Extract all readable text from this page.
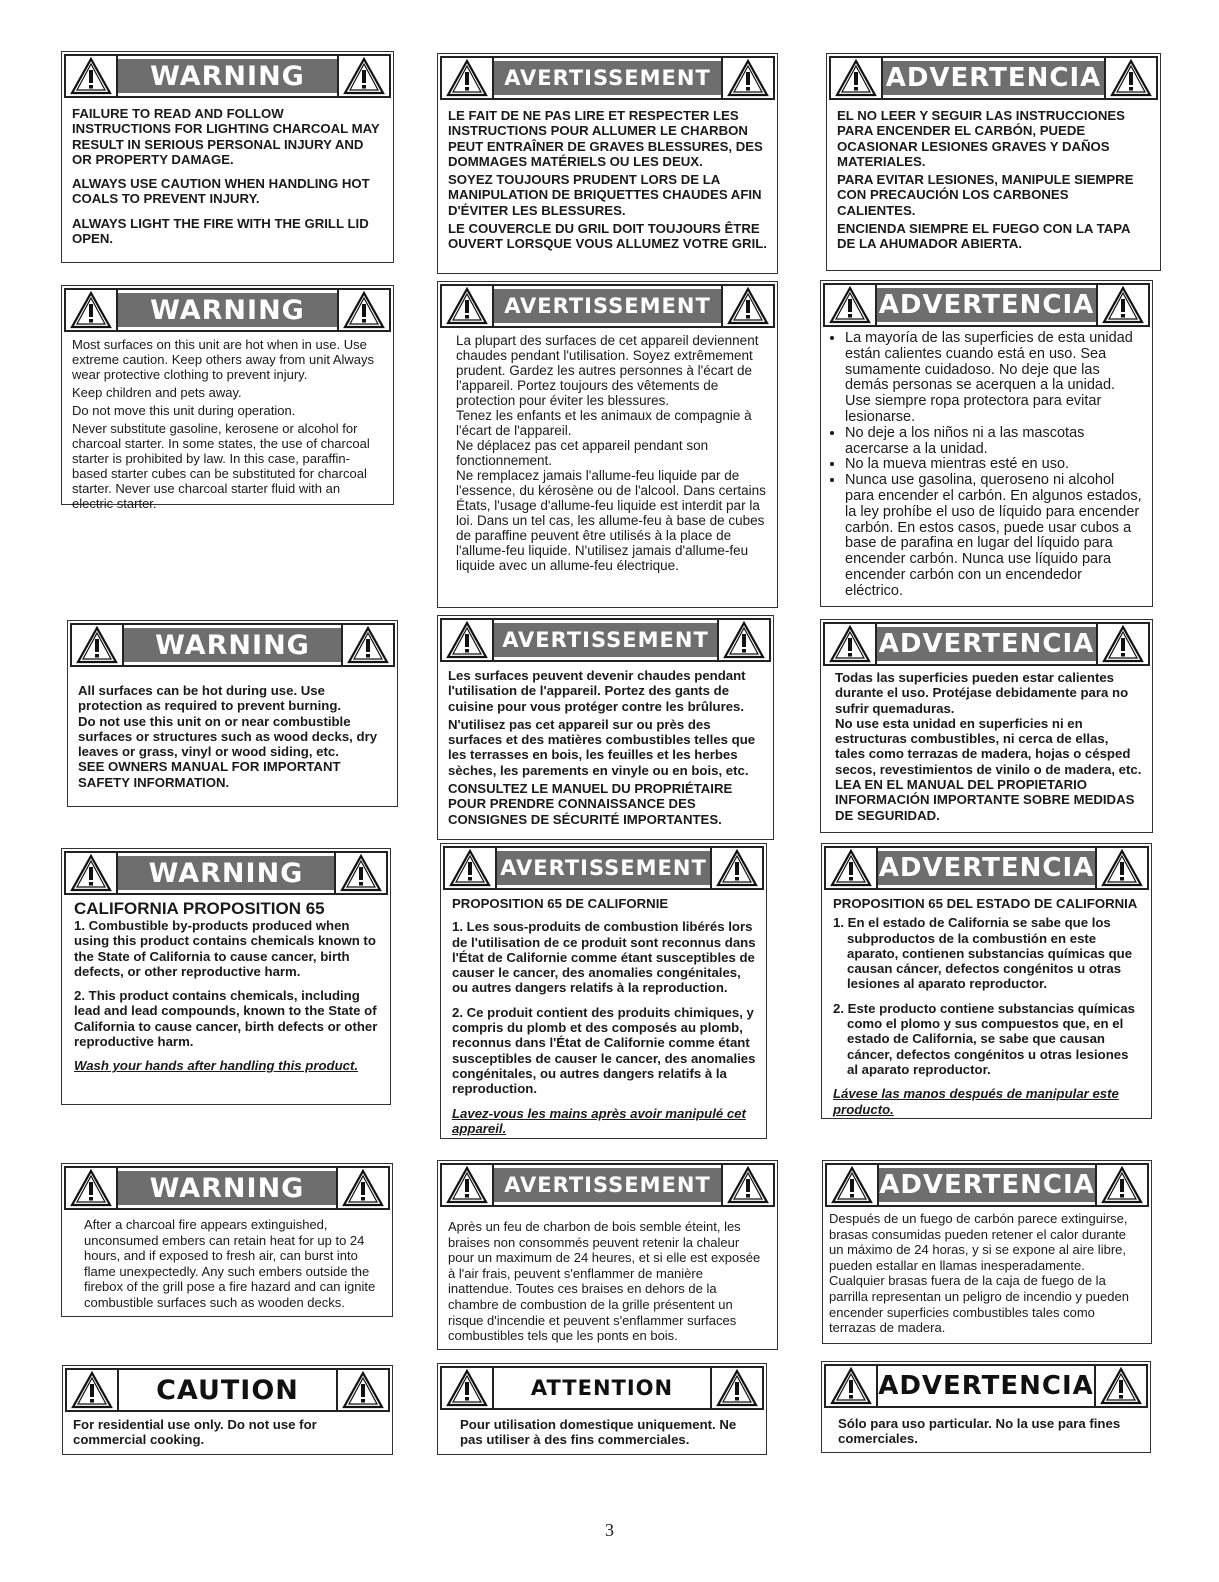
WARNING

FAILURE TO READ AND FOLLOW INSTRUCTIONS FOR LIGHTING CHARCOAL MAY RESULT IN SERIOUS PERSONAL INJURY AND OR PROPERTY DAMAGE.

ALWAYS USE CAUTION WHEN HANDLING HOT COALS TO PREVENT INJURY.

ALWAYS LIGHT THE FIRE WITH THE GRILL LID OPEN.

AVERTISSEMENT

LE FAIT DE NE PAS LIRE ET RESPECTER LES INSTRUCTIONS POUR ALLUMER LE CHARBON PEUT ENTRAÎNER DE GRAVES BLESSURES, DES DOMMAGES MATÉRIELS OU LES DEUX.

SOYEZ TOUJOURS PRUDENT LORS DE LA MANIPULATION DE BRIQUETTES CHAUDES AFIN D'ÉVITER LES BLESSURES.

LE COUVERCLE DU GRIL DOIT TOUJOURS ÊTRE OUVERT LORSQUE VOUS ALLUMEZ VOTRE GRIL.

ADVERTENCIA

EL NO LEER Y SEGUIR LAS INSTRUCCIONES PARA ENCENDER EL CARBÓN, PUEDE OCASIONAR LESIONES GRAVES Y DAÑOS MATERIALES.

PARA EVITAR LESIONES, MANIPULE SIEMPRE CON PRECAUCIÓN LOS CARBONES CALIENTES.

ENCIENDA SIEMPRE EL FUEGO CON LA TAPA DE LA AHUMADOR ABIERTA.

WARNING

Most surfaces on this unit are hot when in use. Use extreme caution. Keep others away from unit Always wear protective clothing to prevent injury.

Keep children and pets away.

Do not move this unit during operation.

Never substitute gasoline, kerosene or alcohol for charcoal starter. In some states, the use of charcoal starter is prohibited by law. In this case, paraffin-based starter cubes can be substituted for charcoal starter. Never use charcoal starter fluid with an electric starter.

AVERTISSEMENT

La plupart des surfaces de cet appareil deviennent chaudes pendant l'utilisation. Soyez extrêmement prudent. Gardez les autres personnes à l'écart de l'appareil. Portez toujours des vêtements de protection pour éviter les blessures.

Tenez les enfants et les animaux de compagnie à l'écart de l'appareil.

Ne déplacez pas cet appareil pendant son fonctionnement.

Ne remplacez jamais l'allume-feu liquide par de l'essence, du kérosène ou de l'alcool. Dans certains États, l'usage d'allume-feu liquide est interdit par la loi. Dans un tel cas, les allume-feu à base de cubes de paraffine peuvent être utilisés à la place de l'allume-feu liquide. N'utilisez jamais d'allume-feu liquide avec un allume-feu électrique.

ADVERTENCIA
• La mayoría de las superficies de esta unidad están calientes cuando está en uso. Sea sumamente cuidadoso. No deje que las demás personas se acerquen a la unidad. Use siempre ropa protectora para evitar lesionarse.
• No deje a los niños ni a las mascotas acercarse a la unidad.
• No la mueva mientras esté en uso.
• Nunca use gasolina, queroseno ni alcohol para encender el carbón. En algunos estados, la ley prohíbe el uso de líquido para encender carbón. En estos casos, puede usar cubos a base de parafina en lugar del líquido para encender carbón. Nunca use líquido para encender carbón con un encendedor eléctrico.
WARNING

All surfaces can be hot during use. Use protection as required to prevent burning.

Do not use this unit on or near combustible surfaces or structures such as wood decks, dry leaves or grass, vinyl or wood siding, etc.

SEE OWNERS MANUAL FOR IMPORTANT SAFETY INFORMATION.

AVERTISSEMENT

Les surfaces peuvent devenir chaudes pendant l'utilisation de l'appareil. Portez des gants de cuisine pour vous protéger contre les brûlures.

N'utilisez pas cet appareil sur ou près des surfaces et des matières combustibles telles que les terrasses en bois, les feuilles et les herbes sèches, les parements en vinyle ou en bois, etc.

CONSULTEZ LE MANUEL DU PROPRIÉTAIRE POUR PRENDRE CONNAISSANCE DES CONSIGNES DE SÉCURITÉ IMPORTANTES.

ADVERTENCIA

Todas las superficies pueden estar calientes durante el uso. Protéjase debidamente para no sufrir quemaduras.

No use esta unidad en superficies ni en estructuras combustibles, ni cerca de ellas, tales como terrazas de madera, hojas o césped secos, revestimientos de vinilo o de madera, etc.

LEA EN EL MANUAL DEL PROPIETARIO INFORMACIÓN IMPORTANTE SOBRE MEDIDAS DE SEGURIDAD.

WARNING
CALIFORNIA PROPOSITION 65

1. Combustible by-products produced when using this product contains chemicals known to the State of California to cause cancer, birth defects, or other reproductive harm.

2. This product contains chemicals, including lead and lead compounds, known to the State of California to cause cancer, birth defects or other reproductive harm.

Wash your hands after handling this product.

AVERTISSEMENT

PROPOSITION 65 DE CALIFORNIE

1. Les sous-produits de combustion libérés lors de l'utilisation de ce produit sont reconnus dans l'État de Californie comme étant susceptibles de causer le cancer, des anomalies congénitales, ou autres dangers relatifs à la reproduction.

2. Ce produit contient des produits chimiques, y compris du plomb et des composés au plomb, reconnus dans l'État de Californie comme étant susceptibles de causer le cancer, des anomalies congénitales, ou autres dangers relatifs à la reproduction.

Lavez-vous les mains après avoir manipulé cet appareil.

ADVERTENCIA

PROPOSITION 65 DEL ESTADO DE CALIFORNIA

1. En el estado de California se sabe que los subproductos de la combustión en este aparato, contienen substancias químicas que causan cáncer, defectos congénitos u otras lesiones al aparato reproductor.
2. Este producto contiene substancias químicas como el plomo y sus compuestos que, en el estado de California, se sabe que causan cáncer, defectos congénitos u otras lesiones al aparato reproductor.

Lávese las manos después de manipular este producto.

WARNING
After a charcoal fire appears extinguished, unconsumed embers can retain heat for up to 24 hours, and if exposed to fresh air, can burst into flame unexpectedly. Any such embers outside the firebox of the grill pose a fire hazard and can ignite combustible surfaces such as wooden decks.
AVERTISSEMENT
Après un feu de charbon de bois semble éteint, les braises non consommés peuvent retenir la chaleur pour un maximum de 24 heures, et si elle est exposée à l'air frais, peuvent s'enflammer de manière inattendue. Toutes ces braises en dehors de la chambre de combustion de la grille présentent un risque d'incendie et peuvent s'enflammer surfaces combustibles tels que les ponts en bois.
ADVERTENCIA
Después de un fuego de carbón parece extinguirse, brasas consumidas pueden retener el calor durante un máximo de 24 horas, y si se expone al aire libre, pueden estallar en llamas inesperadamente. Cualquier brasas fuera de la caja de fuego de la parrilla representan un peligro de incendio y pueden encender superficies combustibles tales como terrazas de madera.
CAUTION
For residential use only. Do not use for commercial cooking.
ATTENTION
Pour utilisation domestique uniquement. Ne pas utiliser à des fins commerciales.
ADVERTENCIA
Sólo para uso particular. No la use para fines comerciales.
3
